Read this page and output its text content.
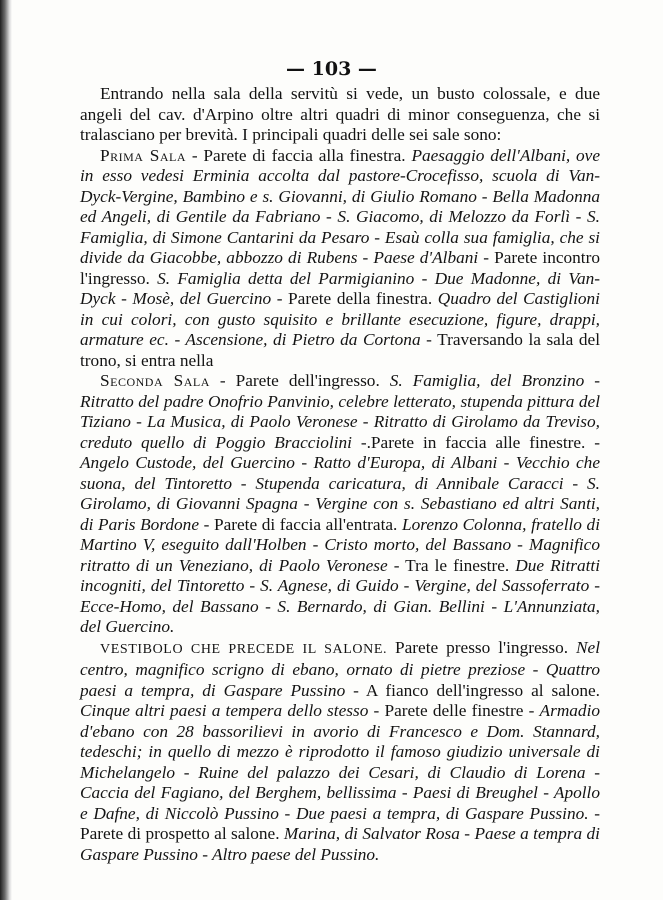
— 103 —

Entrando nella sala della servitù si vede, un busto colossale, e due angeli del cav. d'Arpino oltre altri quadri di minor conseguenza, che si tralasciano per brevità. I principali quadri delle sei sale sono:

Prima Sala - Parete di faccia alla finestra. Paesaggio dell'Albani, ove in esso vedesi Erminia accolta dal pastore-Crocefisso, scuola di Van-Dyck-Vergine, Bambino e s. Giovanni, di Giulio Romano - Bella Madonna ed Angeli, di Gentile da Fabriano - S. Giacomo, di Melozzo da Forlì - S. Famiglia, di Simone Cantarini da Pesaro - Esaù colla sua famiglia, che si divide da Giacobbe, abbozzo di Rubens - Paese d'Albani - Parete incontro l'ingresso. S. Famiglia detta del Parmigianino - Due Madonne, di Van-Dyck - Mosè, del Guercino - Parete della finestra. Quadro del Castiglioni in cui colori, con gusto squisito e brillante esecuzione, figure, drappi, armature ec. - Ascensione, di Pietro da Cortona - Traversando la sala del trono, si entra nella

Seconda Sala - Parete dell'ingresso. S. Famiglia, del Bronzino - Ritratto del padre Onofrio Panvinio, celebre letterato, stupenda pittura del Tiziano - La Musica, di Paolo Veronese - Ritratto di Girolamo da Treviso, creduto quello di Poggio Bracciolini -.Parete in faccia alle finestre. - Angelo Custode, del Guercino - Ratto d'Europa, di Albani - Vecchio che suona, del Tintoretto - Stupenda caricatura, di Annibale Caracci - S. Girolamo, di Giovanni Spagna - Vergine con s. Sebastiano ed altri Santi, di Paris Bordone - Parete di faccia all'entrata. Lorenzo Colonna, fratello di Martino V, eseguito dall'Holben - Cristo morto, del Bassano - Magnifico ritratto di un Veneziano, di Paolo Veronese - Tra le finestre. Due Ritratti incogniti, del Tintoretto - S. Agnese, di Guido - Vergine, del Sassoferrato - Ecce-Homo, del Bassano - S. Bernardo, di Gian. Bellini - L'Annunziata, del Guercino.

VESTIBOLO CHE PRECEDE IL SALONE. Parete presso l'ingresso. Nel centro, magnifico scrigno di ebano, ornato di pietre preziose - Quattro paesi a tempra, di Gaspare Pussino - A fianco dell'ingresso al salone. Cinque altri paesi a tempera dello stesso - Parete delle finestre - Armadio d'ebano con 28 bassorilievi in avorio di Francesco e Dom. Stannard, tedeschi; in quello di mezzo è riprodotto il famoso giudizio universale di Michelangelo - Ruine del palazzo dei Cesari, di Claudio di Lorena - Caccia del Fagiano, del Berghem, bellissima - Paesi di Breughel - Apollo e Dafne, di Niccolò Pussino - Due paesi a tempra, di Gaspare Pussino. - Parete di prospetto al salone. Marina, di Salvator Rosa - Paese a tempra di Gaspare Pussino - Altro paese del Pussino.
